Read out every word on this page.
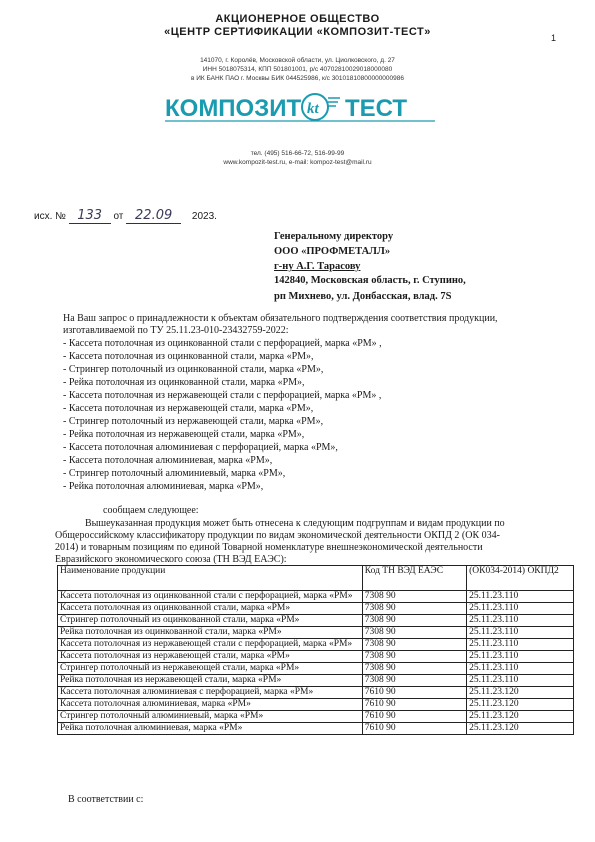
АКЦИОНЕРНОЕ ОБЩЕСТВО
«ЦЕНТР СЕРТИФИКАЦИИ «КОМПОЗИТ-ТЕСТ»	1
141070, г. Королёв, Московской области, ул. Циолковского, д. 27
ИНН 5018075314, КПП 501801001, р/с 40702810029018000080
в ИК БАНК ПАО г. Москвы БИК 044525986, к/с 30101810800000000986
КОМПОЗИТ kt ТЕСТ
тел. (495) 516-66-72, 516-99-99
www.kompozit-test.ru, e-mail: kompoz-test@mail.ru
исх. № 133 от 22.09 2023.
Генеральному директору
ООО «ПРОФМЕТАЛЛ»
г-ну А.Г. Тарасову
142840, Московская область, г. Ступино,
рп Михнево, ул. Донбасская, влад. 7S
На Ваш запрос о принадлежности к объектам обязательного подтверждения соответствия продукции,
изготавливаемой по ТУ 25.11.23-010-23432759-2022:
- Кассета потолочная из оцинкованной стали с перфорацией, марка «РМ» ,
- Кассета потолочная из оцинкованной стали, марка «РМ»,
- Стрингер потолочный из оцинкованной стали, марка «РМ»,
- Рейка потолочная из оцинкованной стали, марка «РМ»,
- Кассета потолочная из нержавеющей стали с перфорацией, марка «РМ» ,
- Кассета потолочная из нержавеющей стали, марка «РМ»,
- Стрингер потолочный из нержавеющей стали, марка «РМ»,
- Рейка потолочная из нержавеющей стали, марка «РМ»,
- Кассета потолочная алюминиевая с перфорацией, марка «РМ»,
- Кассета потолочная алюминиевая, марка «РМ»,
- Стрингер потолочный алюминиевый, марка «РМ»,
- Рейка потолочная алюминиевая, марка «РМ»,
сообщаем следующее:
Вышеуказанная продукция может быть отнесена к следующим подгруппам и видам продукции по
Общероссийскому классификатору продукции по видам экономической деятельности ОКПД 2 (ОК 034-
2014) и товарным позициям по единой Товарной номенклатуре внешнеэкономической деятельности
Евразийского экономического союза (ТН ВЭД ЕАЭС):
Наименование продукции	Код ТН ВЭД ЕАЭС	(ОК034-2014) ОКПД2
Кассета потолочная из оцинкованной стали с перфорацией, марка «РМ»	7308 90	25.11.23.110
Кассета потолочная из оцинкованной стали, марка «РМ»	7308 90	25.11.23.110
Стрингер потолочный из оцинкованной стали, марка «РМ»	7308 90	25.11.23.110
Рейка потолочная из оцинкованной стали, марка «РМ»	7308 90	25.11.23.110
Кассета потолочная из нержавеющей стали с перфорацией, марка «РМ»	7308 90	25.11.23.110
Кассета потолочная из нержавеющей стали, марка «РМ»	7308 90	25.11.23.110
Стрингер потолочный из нержавеющей стали, марка «РМ»	7308 90	25.11.23.110
Рейка потолочная из нержавеющей стали, марка «РМ»	7308 90	25.11.23.110
Кассета потолочная алюминиевая с перфорацией, марка «РМ»	7610 90	25.11.23.120
Кассета потолочная алюминиевая, марка «РМ»	7610 90	25.11.23.120
Стрингер потолочный алюминиевый, марка «РМ»	7610 90	25.11.23.120
Рейка потолочная алюминиевая, марка «РМ»	7610 90	25.11.23.120
В соответствии с:
